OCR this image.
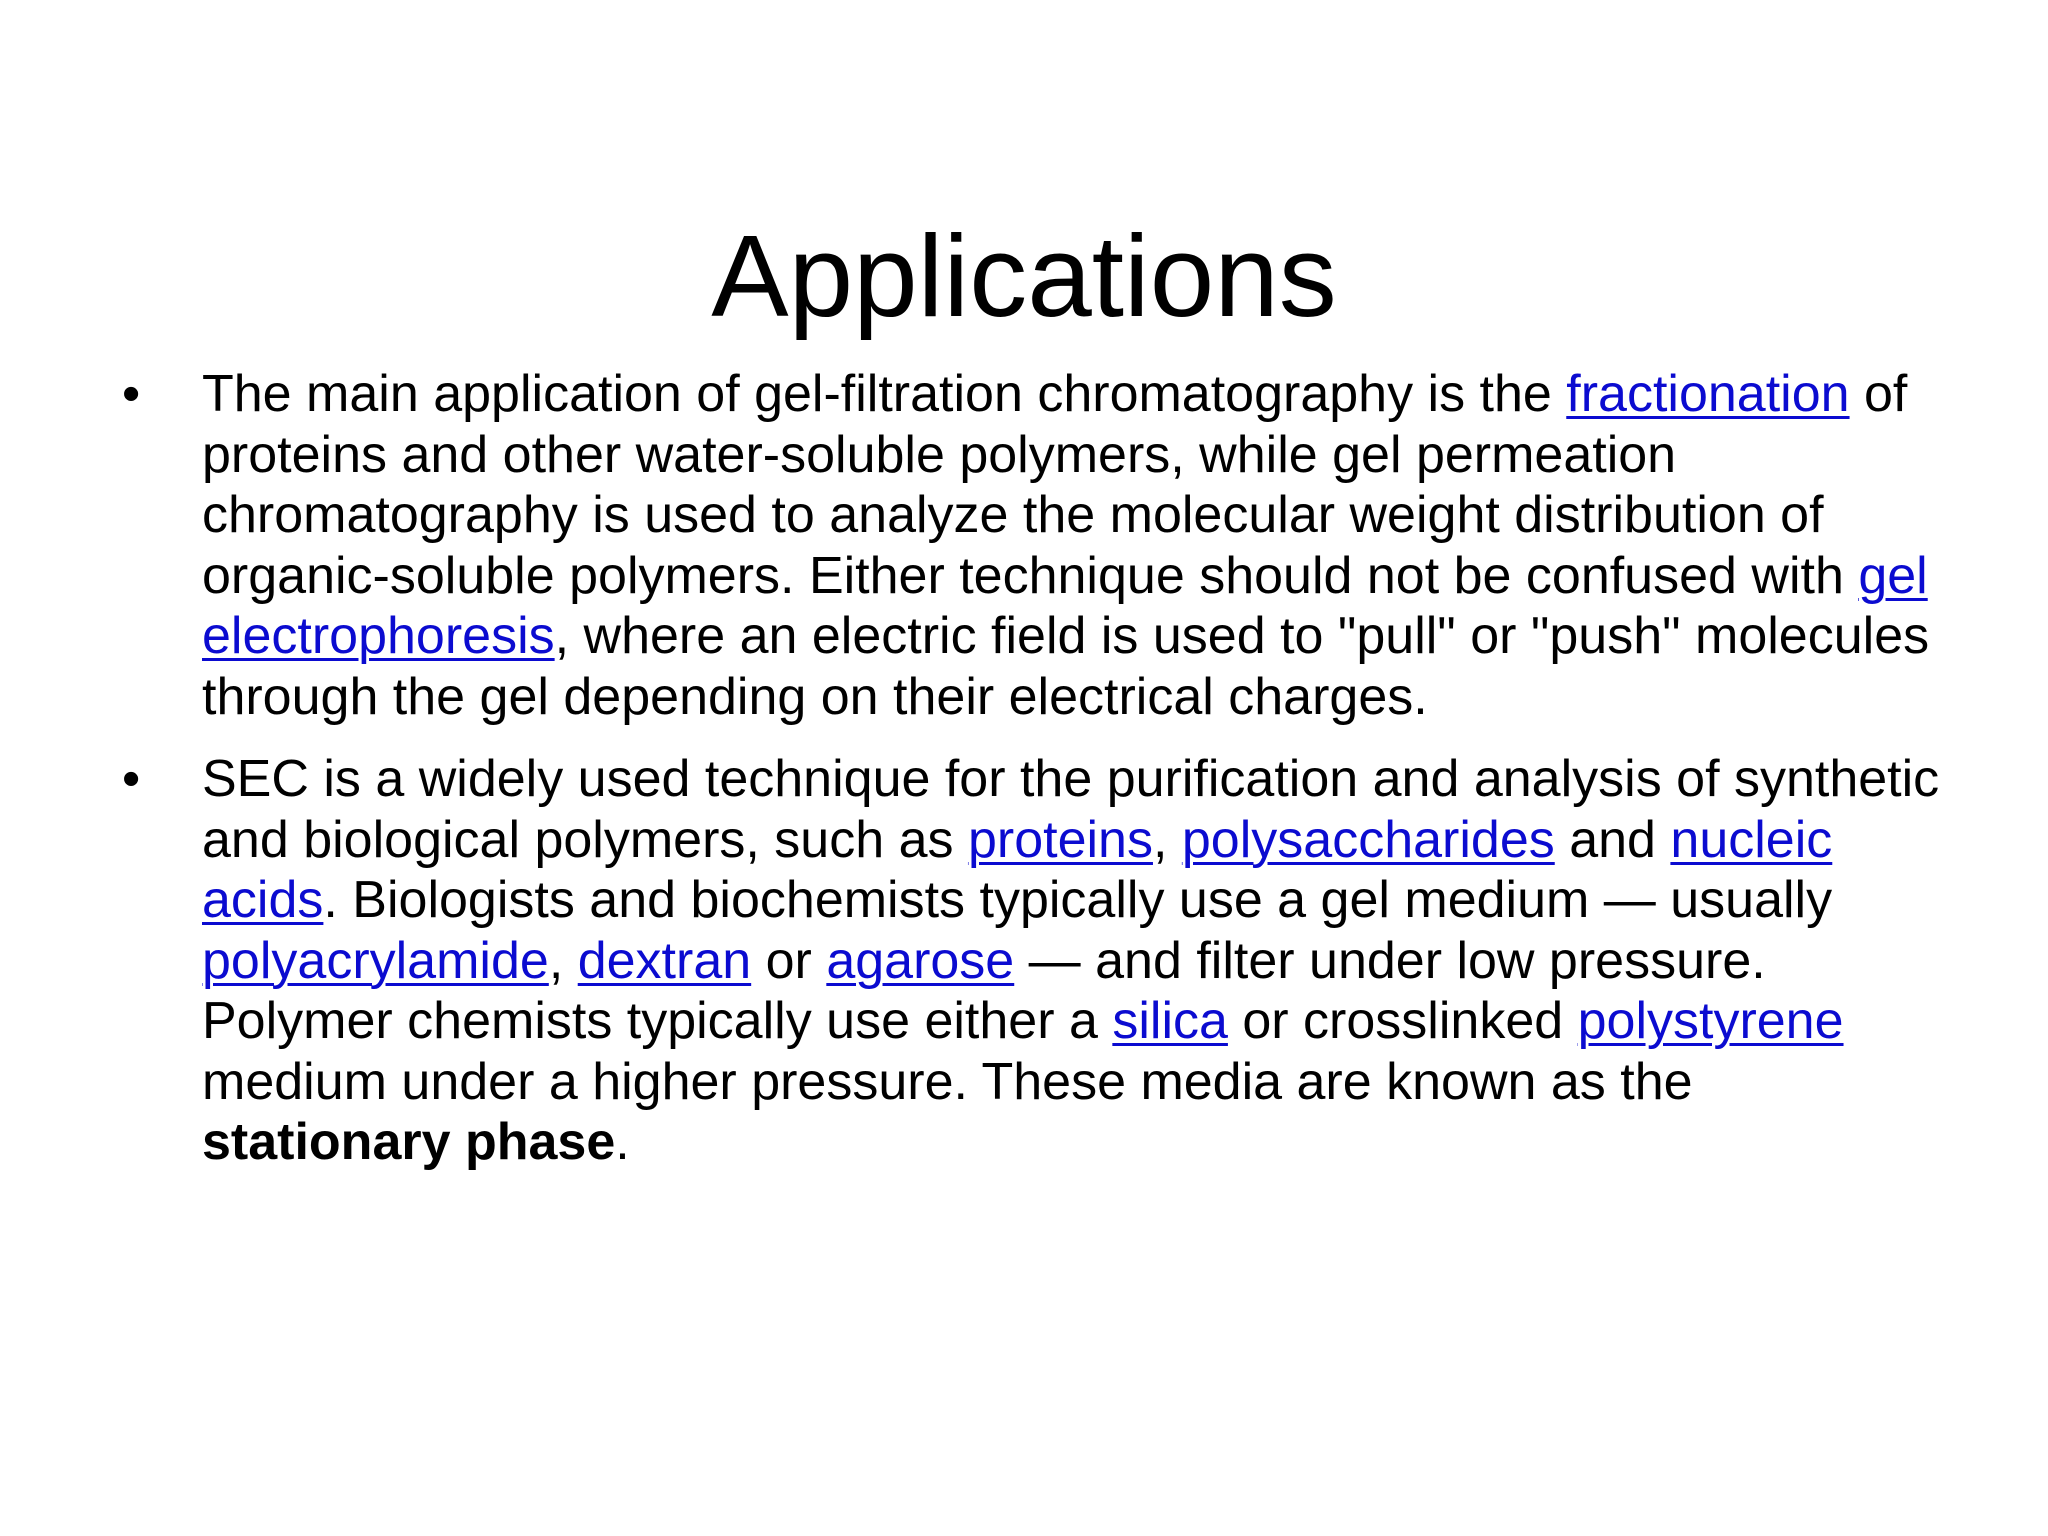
Applications
•	The main application of gel-filtration chromatography is the fractionation of proteins and other water-soluble polymers, while gel permeation chromatography is used to analyze the molecular weight distribution of organic-soluble polymers. Either technique should not be confused with gel electrophoresis, where an electric field is used to "pull" or "push" molecules through the gel depending on their electrical charges.
•	SEC is a widely used technique for the purification and analysis of synthetic and biological polymers, such as proteins, polysaccharides and nucleic acids. Biologists and biochemists typically use a gel medium — usually polyacrylamide, dextran or agarose — and filter under low pressure. Polymer chemists typically use either a silica or crosslinked polystyrene medium under a higher pressure. These media are known as the stationary phase.
